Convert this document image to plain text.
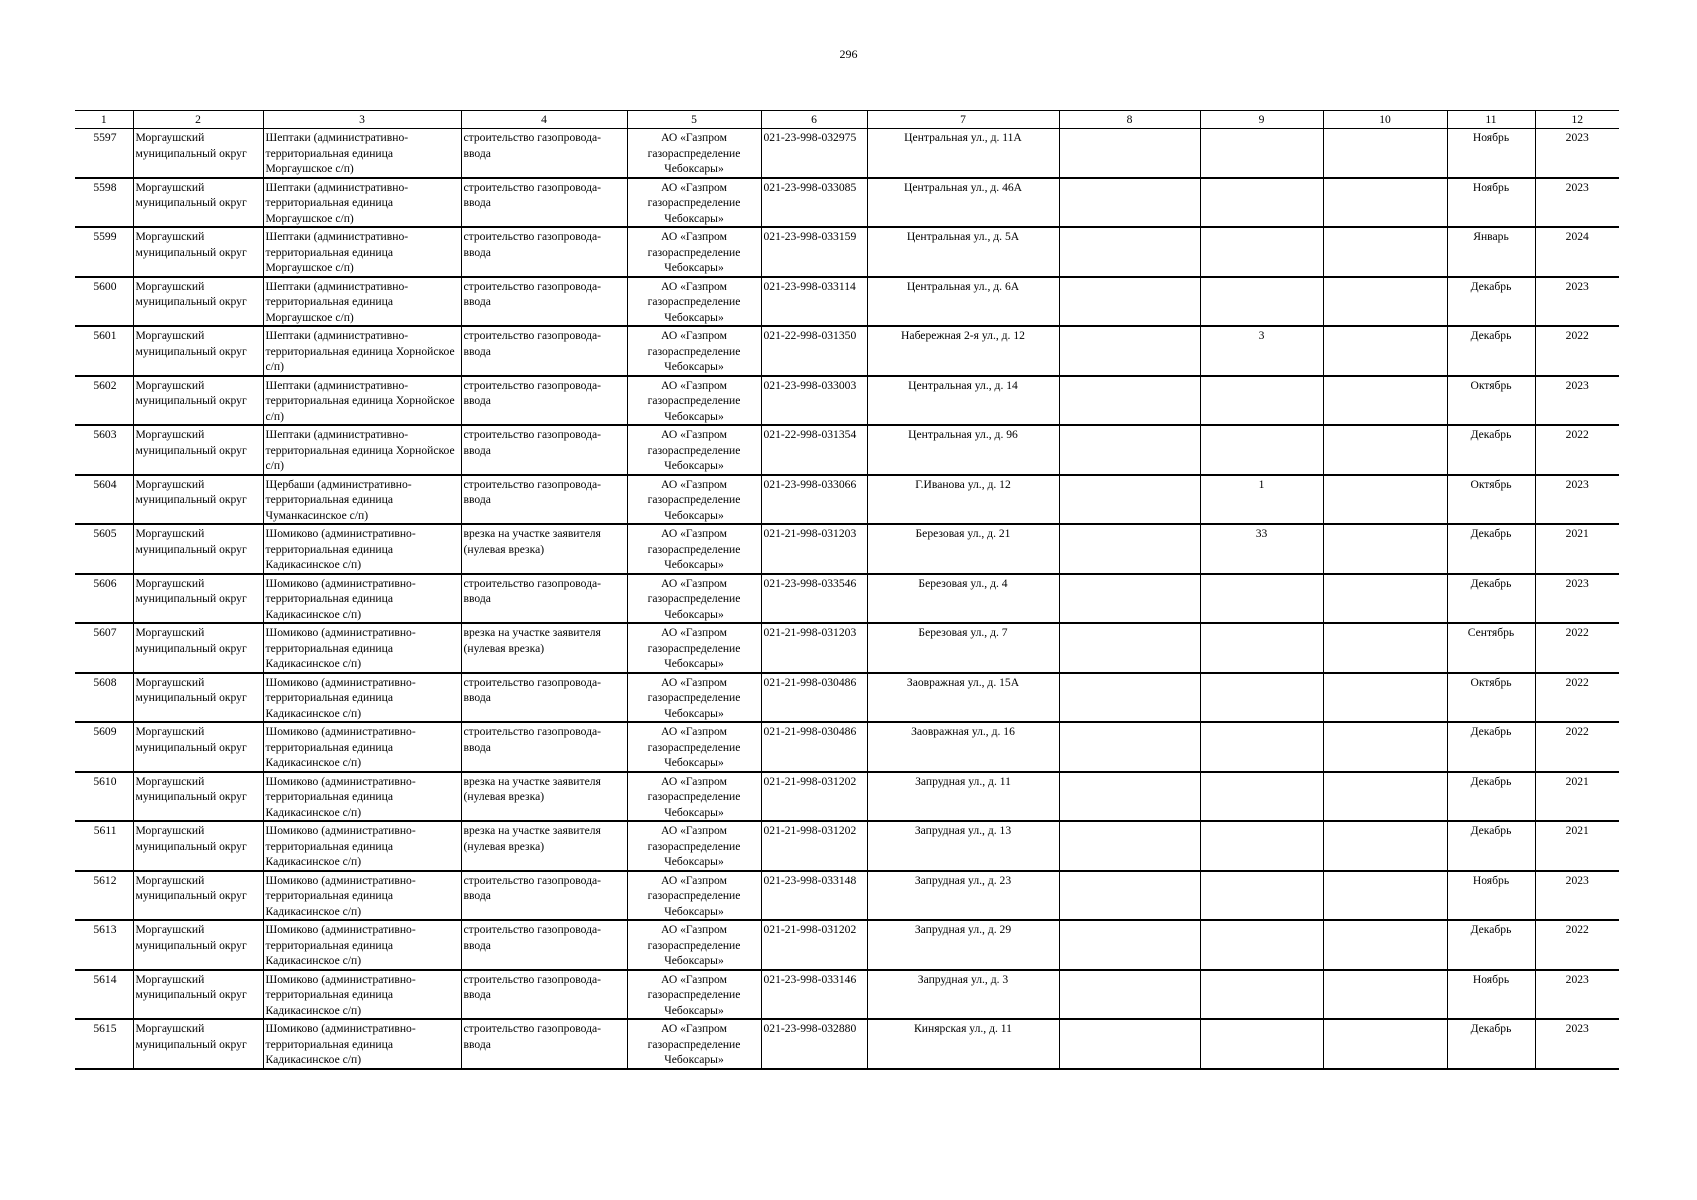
296
1	2	3	4	5	6	7	8	9	10	11	12
5597	Моргаушский муниципальный округ	Шептаки (административно-территориальная единица Моргаушское с/п)	строительство газопровода-ввода	АО «Газпром газораспределение Чебоксары»	021-23-998-032975	Центральная ул., д. 11А				Ноябрь	2023
5598	Моргаушский муниципальный округ	Шептаки (административно-территориальная единица Моргаушское с/п)	строительство газопровода-ввода	АО «Газпром газораспределение Чебоксары»	021-23-998-033085	Центральная ул., д. 46А				Ноябрь	2023
5599	Моргаушский муниципальный округ	Шептаки (административно-территориальная единица Моргаушское с/п)	строительство газопровода-ввода	АО «Газпром газораспределение Чебоксары»	021-23-998-033159	Центральная ул., д. 5А				Январь	2024
5600	Моргаушский муниципальный округ	Шептаки (административно-территориальная единица Моргаушское с/п)	строительство газопровода-ввода	АО «Газпром газораспределение Чебоксары»	021-23-998-033114	Центральная ул., д. 6А				Декабрь	2023
5601	Моргаушский муниципальный округ	Шептаки (административно-территориальная единица Хорнойское с/п)	строительство газопровода-ввода	АО «Газпром газораспределение Чебоксары»	021-22-998-031350	Набережная 2-я ул., д. 12		3		Декабрь	2022
5602	Моргаушский муниципальный округ	Шептаки (административно-территориальная единица Хорнойское с/п)	строительство газопровода-ввода	АО «Газпром газораспределение Чебоксары»	021-23-998-033003	Центральная ул., д. 14				Октябрь	2023
5603	Моргаушский муниципальный округ	Шептаки (административно-территориальная единица Хорнойское с/п)	строительство газопровода-ввода	АО «Газпром газораспределение Чебоксары»	021-22-998-031354	Центральная ул., д. 96				Декабрь	2022
5604	Моргаушский муниципальный округ	Щербаши (административно-территориальная единица Чуманкасинское с/п)	строительство газопровода-ввода	АО «Газпром газораспределение Чебоксары»	021-23-998-033066	Г.Иванова ул., д. 12		1		Октябрь	2023
5605	Моргаушский муниципальный округ	Шомиково (административно-территориальная единица Кадикасинское с/п)	врезка на участке заявителя (нулевая врезка)	АО «Газпром газораспределение Чебоксары»	021-21-998-031203	Березовая ул., д. 21		33		Декабрь	2021
5606	Моргаушский муниципальный округ	Шомиково (административно-территориальная единица Кадикасинское с/п)	строительство газопровода-ввода	АО «Газпром газораспределение Чебоксары»	021-23-998-033546	Березовая ул., д. 4				Декабрь	2023
5607	Моргаушский муниципальный округ	Шомиково (административно-территориальная единица Кадикасинское с/п)	врезка на участке заявителя (нулевая врезка)	АО «Газпром газораспределение Чебоксары»	021-21-998-031203	Березовая ул., д. 7				Сентябрь	2022
5608	Моргаушский муниципальный округ	Шомиково (административно-территориальная единица Кадикасинское с/п)	строительство газопровода-ввода	АО «Газпром газораспределение Чебоксары»	021-21-998-030486	Заовражная ул., д. 15А				Октябрь	2022
5609	Моргаушский муниципальный округ	Шомиково (административно-территориальная единица Кадикасинское с/п)	строительство газопровода-ввода	АО «Газпром газораспределение Чебоксары»	021-21-998-030486	Заовражная ул., д. 16				Декабрь	2022
5610	Моргаушский муниципальный округ	Шомиково (административно-территориальная единица Кадикасинское с/п)	врезка на участке заявителя (нулевая врезка)	АО «Газпром газораспределение Чебоксары»	021-21-998-031202	Запрудная ул., д. 11				Декабрь	2021
5611	Моргаушский муниципальный округ	Шомиково (административно-территориальная единица Кадикасинское с/п)	врезка на участке заявителя (нулевая врезка)	АО «Газпром газораспределение Чебоксары»	021-21-998-031202	Запрудная ул., д. 13				Декабрь	2021
5612	Моргаушский муниципальный округ	Шомиково (административно-территориальная единица Кадикасинское с/п)	строительство газопровода-ввода	АО «Газпром газораспределение Чебоксары»	021-23-998-033148	Запрудная ул., д. 23				Ноябрь	2023
5613	Моргаушский муниципальный округ	Шомиково (административно-территориальная единица Кадикасинское с/п)	строительство газопровода-ввода	АО «Газпром газораспределение Чебоксары»	021-21-998-031202	Запрудная ул., д. 29				Декабрь	2022
5614	Моргаушский муниципальный округ	Шомиково (административно-территориальная единица Кадикасинское с/п)	строительство газопровода-ввода	АО «Газпром газораспределение Чебоксары»	021-23-998-033146	Запрудная ул., д. 3				Ноябрь	2023
5615	Моргаушский муниципальный округ	Шомиково (административно-территориальная единица Кадикасинское с/п)	строительство газопровода-ввода	АО «Газпром газораспределение Чебоксары»	021-23-998-032880	Кинярская ул., д. 11				Декабрь	2023
